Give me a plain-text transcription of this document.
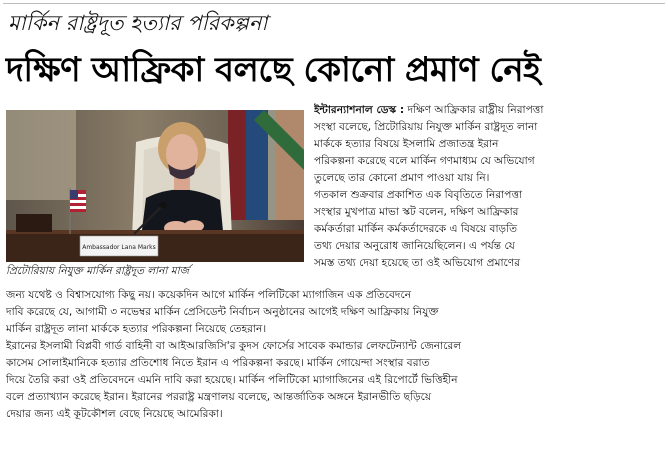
মার্কিন রাষ্ট্রদূত হত্যার পরিকল্পনা
দক্ষিণ আফ্রিকা বলছে কোনো প্রমাণ নেই
Ambassador Lana Marks
প্রিটোরিয়ায় নিযুক্ত মার্কিন রাষ্ট্রদূত লানা মার্জ
ইন্টারন্যাশনাল ডেস্ক : দক্ষিণ আফ্রিকার রাষ্ট্রীয় নিরাপত্তা
সংস্থা বলেছে, প্রিটোরিয়ায় নিযুক্ত মার্কিন রাষ্ট্রদূত লানা
মার্ককে হত্যার বিষয়ে ইসলামি প্রজাতন্ত্র ইরান
পরিকল্পনা করেছে বলে মার্কিন গণমাধ্যম যে অভিযোগ
তুলেছে তার কোনো প্রমাণ পাওয়া যায় নি।
গতকাল শুক্রবার প্রকাশিত এক বিবৃতিতে নিরাপত্তা
সংস্থার মুখপাত্র মাভা স্কট বলেন, দক্ষিণ আফ্রিকার
কর্মকর্তারা মার্কিন কর্মকর্তাদেরকে এ বিষয়ে বাড়তি
তথ্য দেয়ার অনুরোধ জানিয়েছিলেন। এ পর্যন্ত যে
সমস্ত তথ্য দেয়া হয়েছে তা ওই অভিযোগ প্রমাণের
জন্য যথেষ্ট ও বিশ্বাসযোগ্য কিছু নয়। কয়েকদিন আগে মার্কিন পলিটিকো ম্যাগাজিন এক প্রতিবেদনে
দাবি করেছে যে, আগামী ৩ নভেম্বর মার্কিন প্রেসিডেন্ট নির্বাচন অনুষ্ঠানের আগেই দক্ষিণ আফ্রিকায় নিযুক্ত
মার্কিন রাষ্ট্রদূত লানা মার্ককে হত্যার পরিকল্পনা নিয়েছে তেহরান।
ইরানের ইসলামী বিপ্লবী গার্ড বাহিনী বা আইআরজিসি'র কুদস ফোর্সের সাবেক কমান্ডার লেফটেন্যান্ট জেনারেল
কাসেম সোলাইমানিকে হত্যার প্রতিশোধ নিতে ইরান এ পরিকল্পনা করছে। মার্কিন গোয়েন্দা সংস্থার বরাত
দিয়ে তৈরি করা ওই প্রতিবেদনে এমনি দাবি করা হয়েছে। মার্কিন পলিটিকো ম্যাগাজিনের এই রিপোর্টে ভিত্তিহীন
বলে প্রত্যাখ্যান করেছে ইরান। ইরানের পররাষ্ট্র মন্ত্রণালয় বলেছে, আন্তর্জাতিক অঙ্গনে ইরানভীতি ছড়িয়ে
দেয়ার জন্য এই কূটকৌশল বেছে নিয়েছে আমেরিকা।
